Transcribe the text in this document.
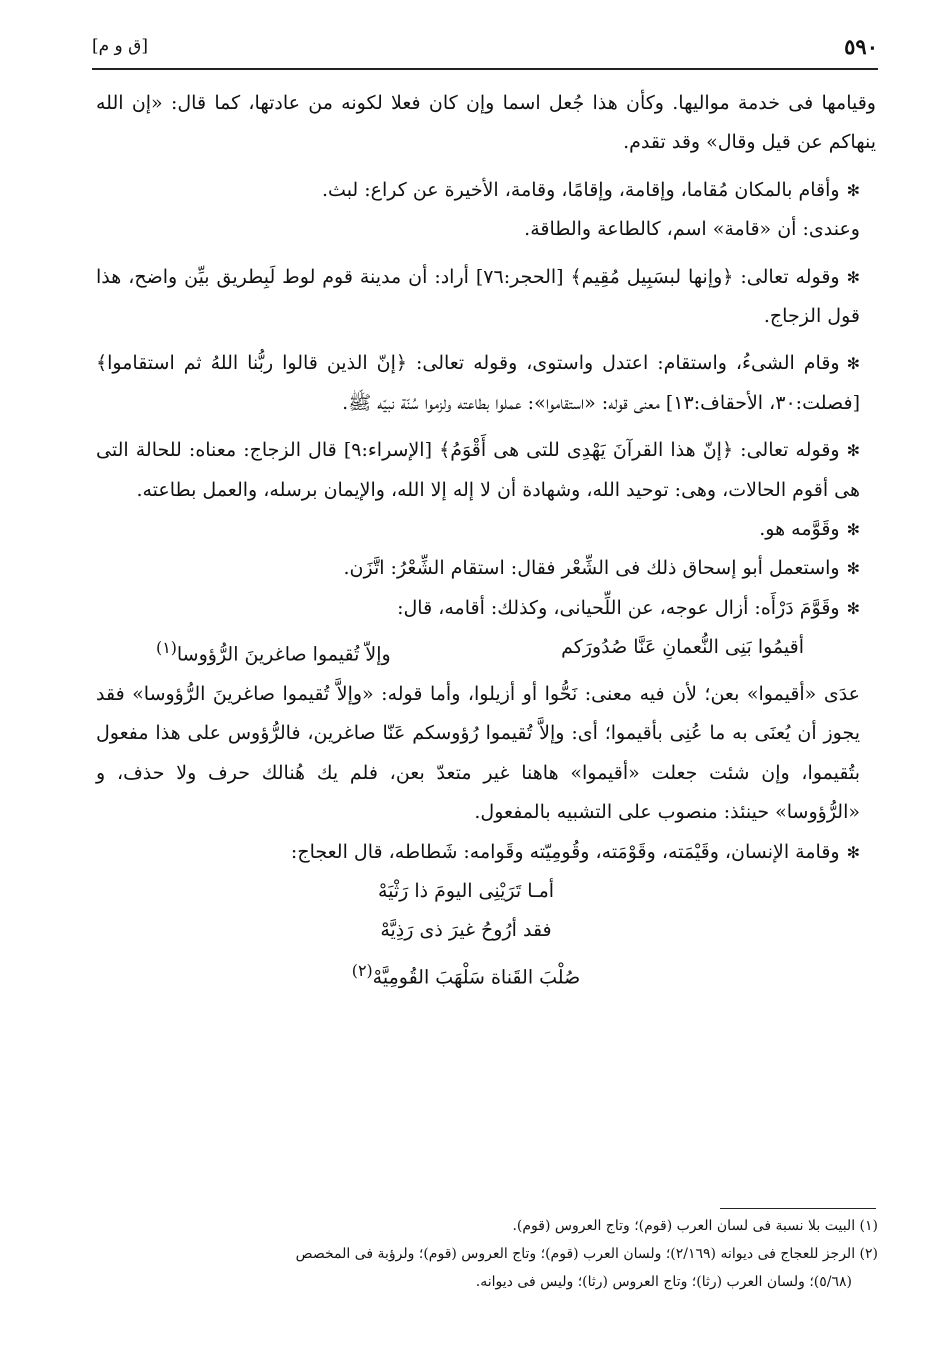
٥٩٠
[ق و م]

وقيامها فى خدمة مواليها. وكأن هذا جُعل اسما وإن كان فعلا لكونه من عادتها، كما قال: «إن الله ينهاكم عن قيل وقال» وقد تقدم.

✻ وأقام بالمكان مُقاما، وإقامة، وإقامًا، وقامة، الأخيرة عن كراع: لبث.

وعندى: أن «قامة» اسم، كالطاعة والطاقة.

✻ وقوله تعالى: ﴿وإنها لبسَبِيل مُقِيم﴾ [الحجر:٧٦] أراد: أن مدينة قوم لوط لَبِطريق بيِّن واضح، هذا قول الزجاج.

✻ وقام الشىءُ، واستقام: اعتدل واستوى، وقوله تعالى: ﴿إنّ الذين قالوا ربُّنا اللهُ ثم استقاموا﴾ [فصلت:٣٠، الأحقاف:١٣] معنى قوله: «استقاموا»: عملوا بطاعته ولزموا سُنّة نبيّه ﷺ.

✻ وقوله تعالى: ﴿إنّ هذا القرآنَ يَهْدِى للتى هى أَقْوَمُ﴾ [الإسراء:٩] قال الزجاج: معناه: للحالة التى هى أقوم الحالات، وهى: توحيد الله، وشهادة أن لا إله إلا الله، والإيمان برسله، والعمل بطاعته.

✻ وقَوَّمه هو.

✻ واستعمل أبو إسحاق ذلك فى الشِّعْر فقال: استقام الشِّعْرُ: اتَّزَن.

✻ وقَوَّمَ دَرْأَه: أزال عوجه، عن اللِّحيانى، وكذلك: أقامه، قال:

أقيمُوا بَنِى النُّعمانِ عَنَّا صُدُورَكم
وإلاّ تُقيموا صاغرينَ الرُّؤوسا$^{(١)}$

عدَى «أقيموا» بعن؛ لأن فيه معنى: نَحُّوا أو أزيلوا، وأما قوله: «وإلاَّ تُقيموا صاغرينَ الرُّؤوسا» فقد يجوز أن يُعنَى به ما عُنِى بأقيموا؛ أى: وإلاَّ تُقيموا رُؤوسكم عَنّا صاغرين، فالرُّؤوس على هذا مفعول بتُقيموا، وإن شئت جعلت «أقيموا» هاهنا غير متعدّ بعن، فلم يك هُنالك حرف ولا حذف، و «الرُّؤوسا» حينئذ: منصوب على التشبيه بالمفعول.

✻ وقامة الإنسان، وقَيْمَته، وقَوْمَته، وقُومِيّته وقَوامه: شَطاطه، قال العجاج:

أمـا تَرَيْنِى اليومَ ذا رَثْيَهْ
فقد أرُوحُ غيرَ ذى رَذِيَّهْ
صُلْبَ القَناة سَلْهَبَ القُومِيَّهْ$^{(٢)}$

(١) البيت بلا نسبة فى لسان العرب (قوم)؛ وتاج العروس (قوم).

(٢) الرجز للعجاج فى ديوانه (٢/١٦٩)؛ ولسان العرب (قوم)؛ وتاج العروس (قوم)؛ ولرؤبة فى المخصص

(٥/٦٨)؛ ولسان العرب (رثا)؛ وتاج العروس (رثا)؛ وليس فى ديوانه.
